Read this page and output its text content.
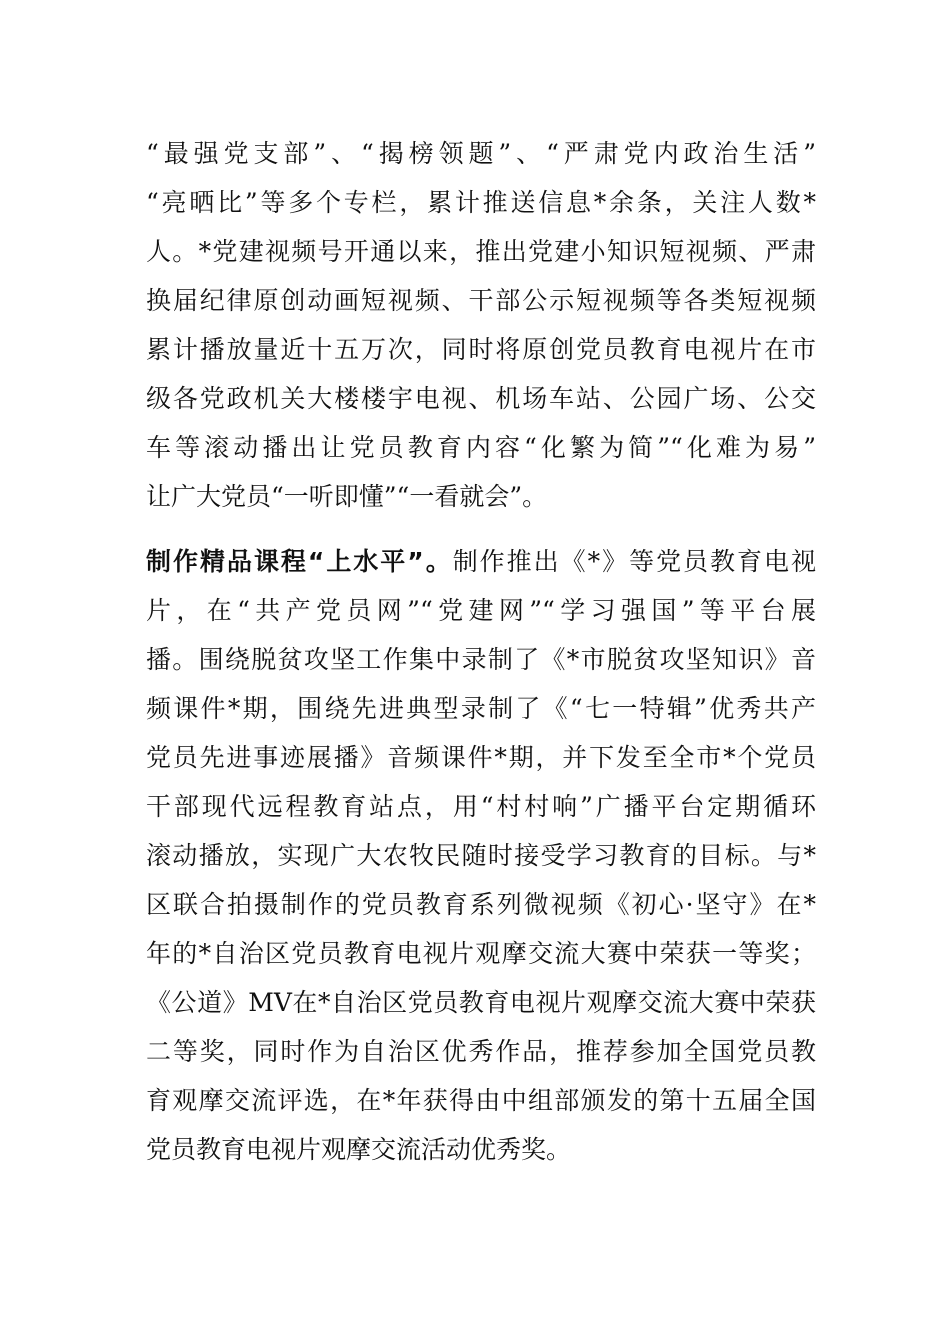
“最强党支部”、“揭榜领题”、“严肃党内政治生活”
“亮晒比”等多个专栏，累计推送信息*余条，关注人数*
人。*党建视频号开通以来，推出党建小知识短视频、严肃
换届纪律原创动画短视频、干部公示短视频等各类短视频
累计播放量近十五万次，同时将原创党员教育电视片在市
级各党政机关大楼楼宇电视、机场车站、公园广场、公交
车等滚动播出让党员教育内容“化繁为简”“化难为易”
让广大党员“一听即懂”“一看就会”。
制作精品课程“上水平”。制作推出《*》等党员教育电视
片，在“共产党员网”“党建网”“学习强国”等平台展
播。围绕脱贫攻坚工作集中录制了《*市脱贫攻坚知识》音
频课件*期，围绕先进典型录制了《“七一特辑”优秀共产
党员先进事迹展播》音频课件*期，并下发至全市*个党员
干部现代远程教育站点，用“村村响”广播平台定期循环
滚动播放，实现广大农牧民随时接受学习教育的目标。与*
区联合拍摄制作的党员教育系列微视频《初心·坚守》在*
年的*自治区党员教育电视片观摩交流大赛中荣获一等奖；
《公道》MV在*自治区党员教育电视片观摩交流大赛中荣获
二等奖，同时作为自治区优秀作品，推荐参加全国党员教
育观摩交流评选，在*年获得由中组部颁发的第十五届全国
党员教育电视片观摩交流活动优秀奖。
